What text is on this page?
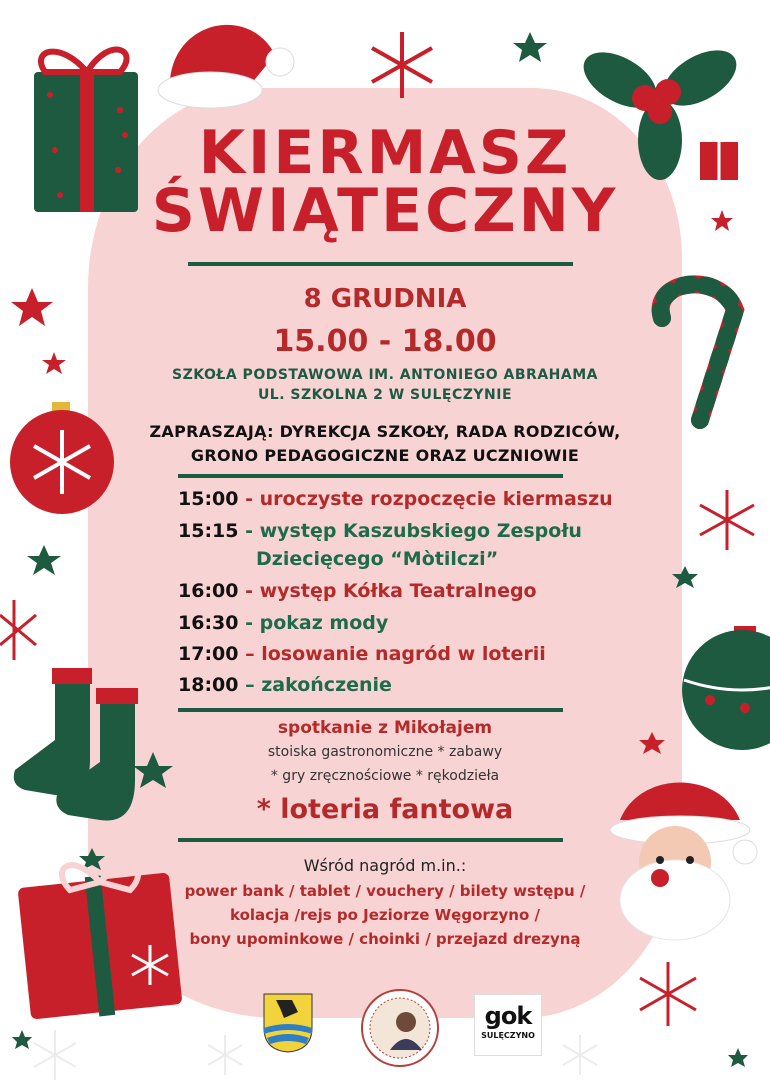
KIERMASZ

ŚWIĄTECZNY

8 GRUDNIA

15.00 - 18.00

SZKOŁA PODSTAWOWA IM. ANTONIEGO ABRAHAMA

UL. SZKOLNA 2 W SULĘCZYNIE

ZAPRASZAJĄ: DYREKCJA SZKOŁY, RADA RODZICÓW,

GRONO PEDAGOGICZNE ORAZ UCZNIOWIE

15:00 - uroczyste rozpoczęcie kiermaszu

15:15 - występ Kaszubskiego Zespołu

Dziecięcego “Mòtilczi”

16:00 - występ Kółka Teatralnego

16:30 - pokaz mody

17:00 – losowanie nagród w loterii

18:00 – zakończenie

spotkanie z Mikołajem

stoiska gastronomiczne * zabawy

* gry zręcznościowe * rękodzieła

* loteria fantowa

Wśród nagród m.in.:

power bank / tablet / vouchery / bilety wstępu /

kolacja /rejs po Jeziorze Węgorzyno /

bony upominkowe / choinki / przejazd drezyną

gok
SULĘCZYNO
